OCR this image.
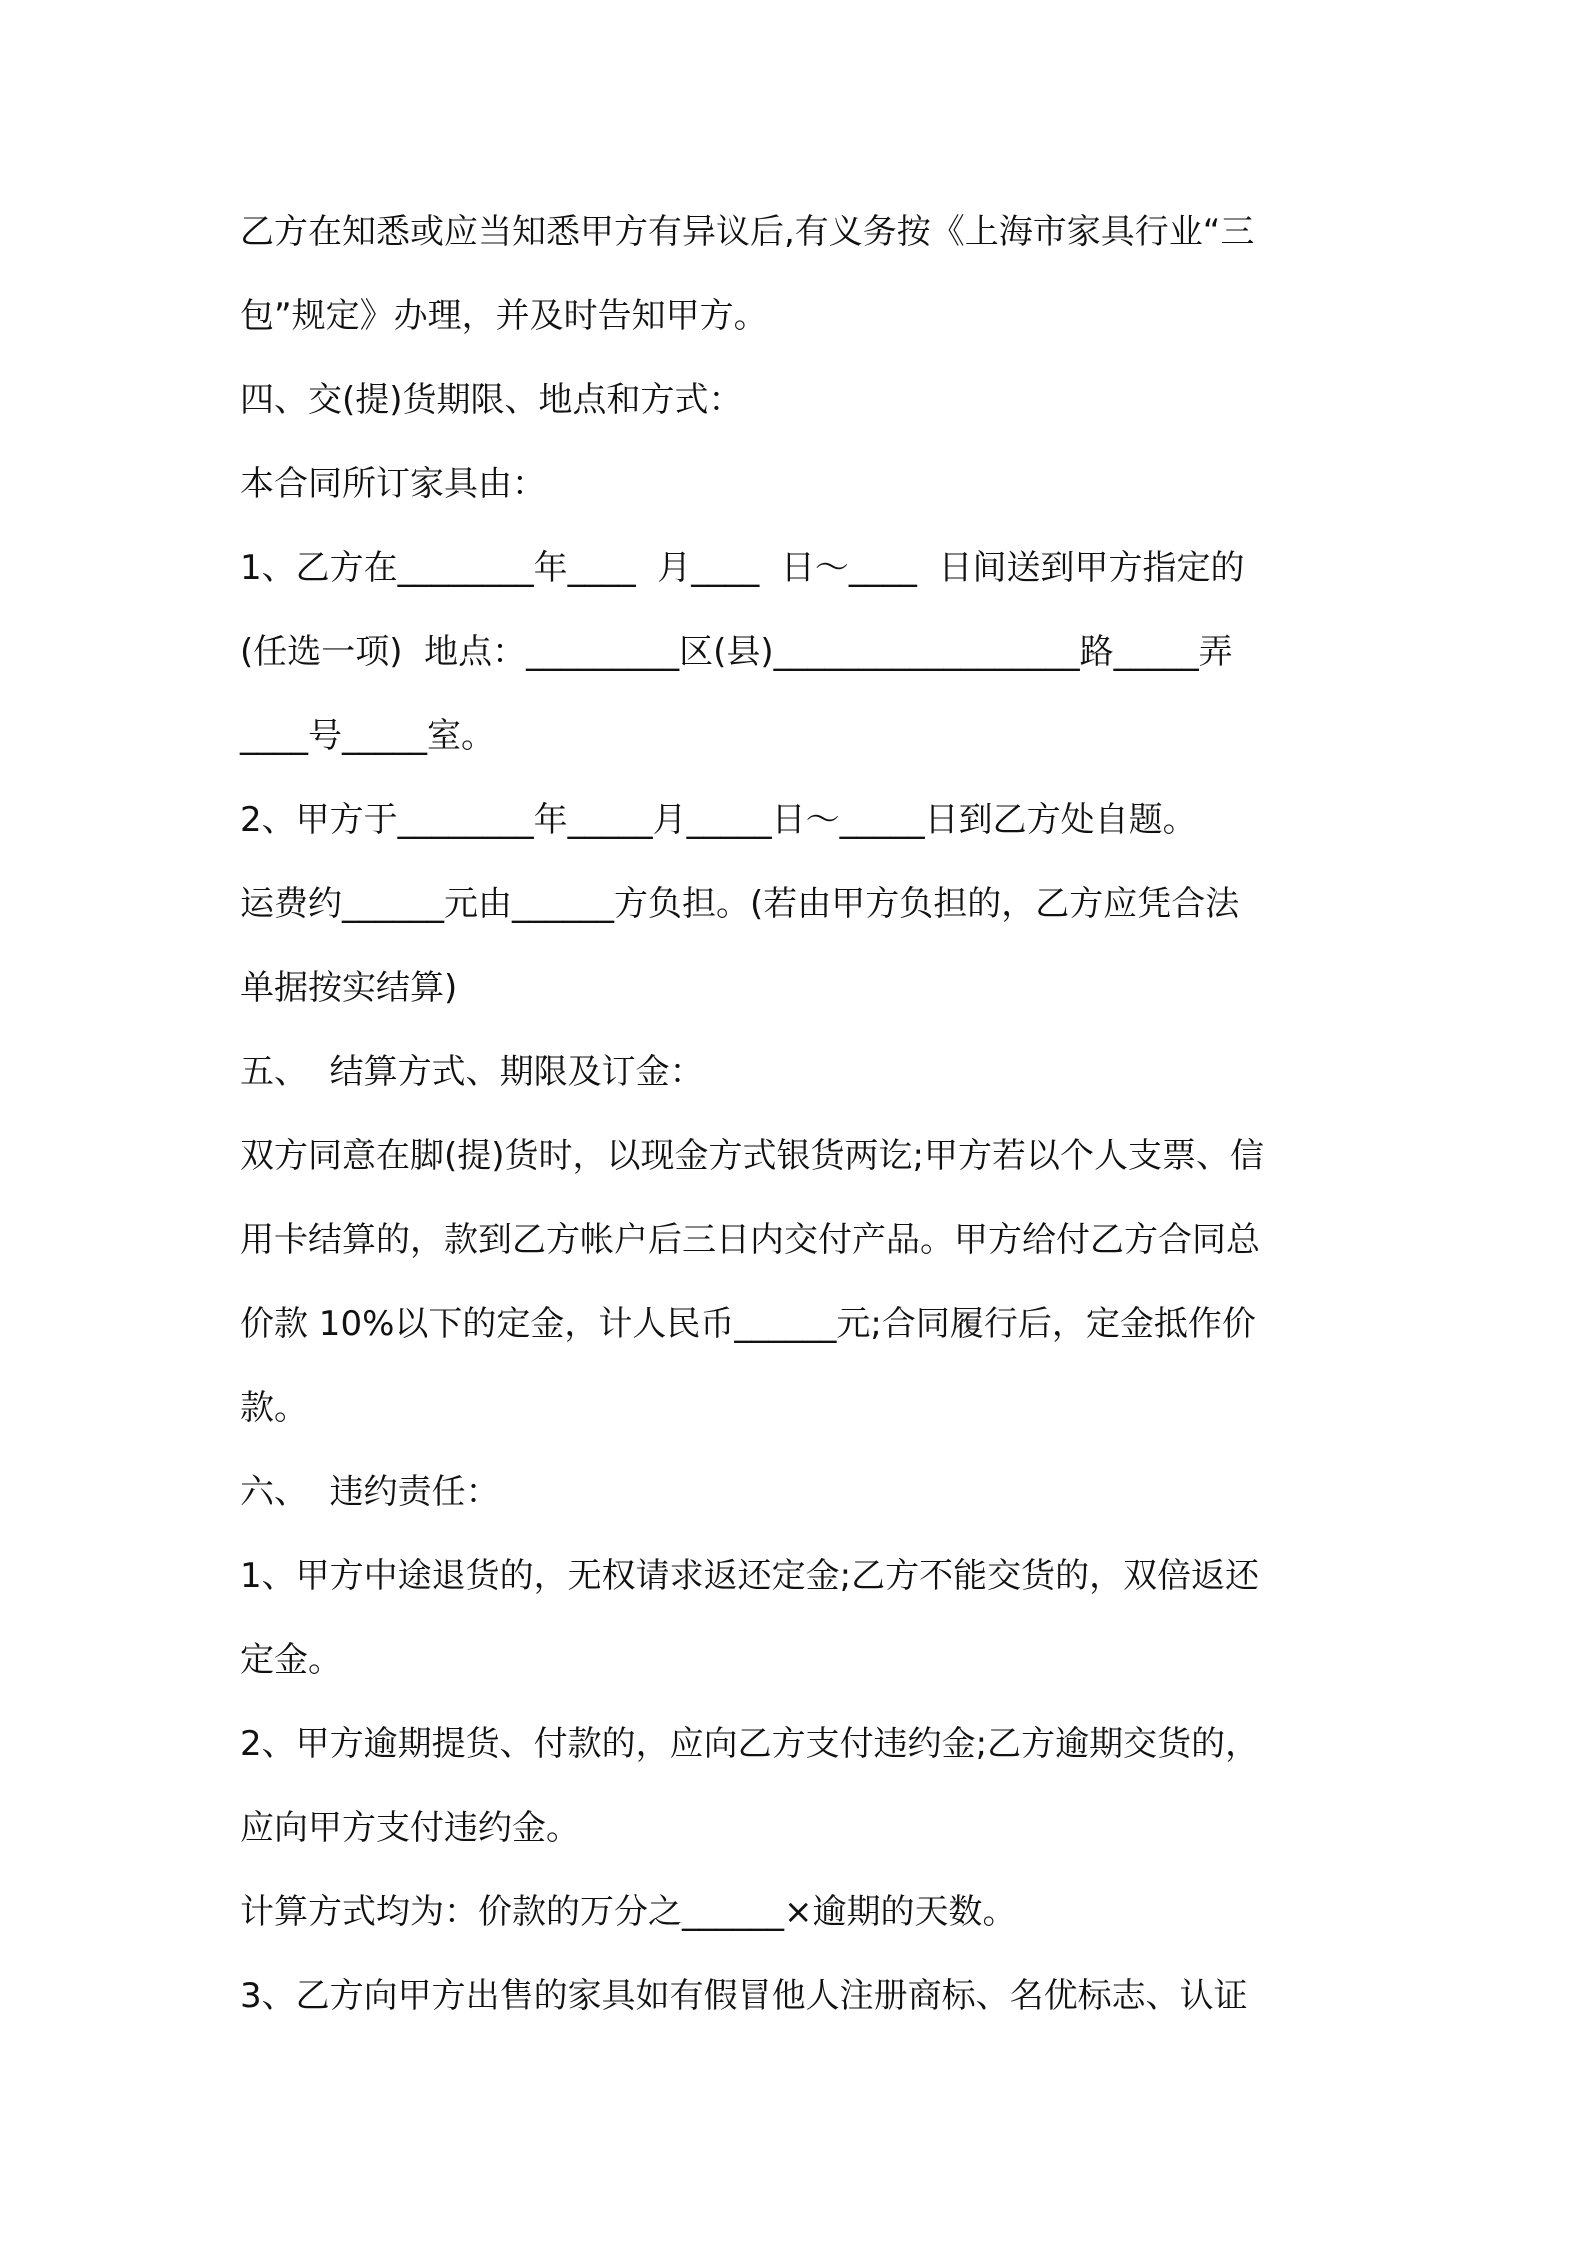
乙方在知悉或应当知悉甲方有异议后,有义务按《上海市家具行业“三
包”规定》办理，并及时告知甲方。
四、交(提)货期限、地点和方式：
本合同所订家具由：
1、乙方在________年____  月____  日～____  日间送到甲方指定的
(任选一项)  地点：_________区(县)__________________路_____弄
____号_____室。
2、甲方于________年_____月_____日～_____日到乙方处自题。
运费约______元由______方负担。(若由甲方负担的，乙方应凭合法
单据按实结算)
五、  结算方式、期限及订金：
双方同意在脚(提)货时，以现金方式银货两讫;甲方若以个人支票、信
用卡结算的，款到乙方帐户后三日内交付产品。甲方给付乙方合同总
价款 10%以下的定金，计人民币______元;合同履行后，定金抵作价
款。
六、  违约责任：
1、甲方中途退货的，无权请求返还定金;乙方不能交货的，双倍返还
定金。
2、甲方逾期提货、付款的，应向乙方支付违约金;乙方逾期交货的，
应向甲方支付违约金。
计算方式均为：价款的万分之______×逾期的天数。
3、乙方向甲方出售的家具如有假冒他人注册商标、名优标志、认证
